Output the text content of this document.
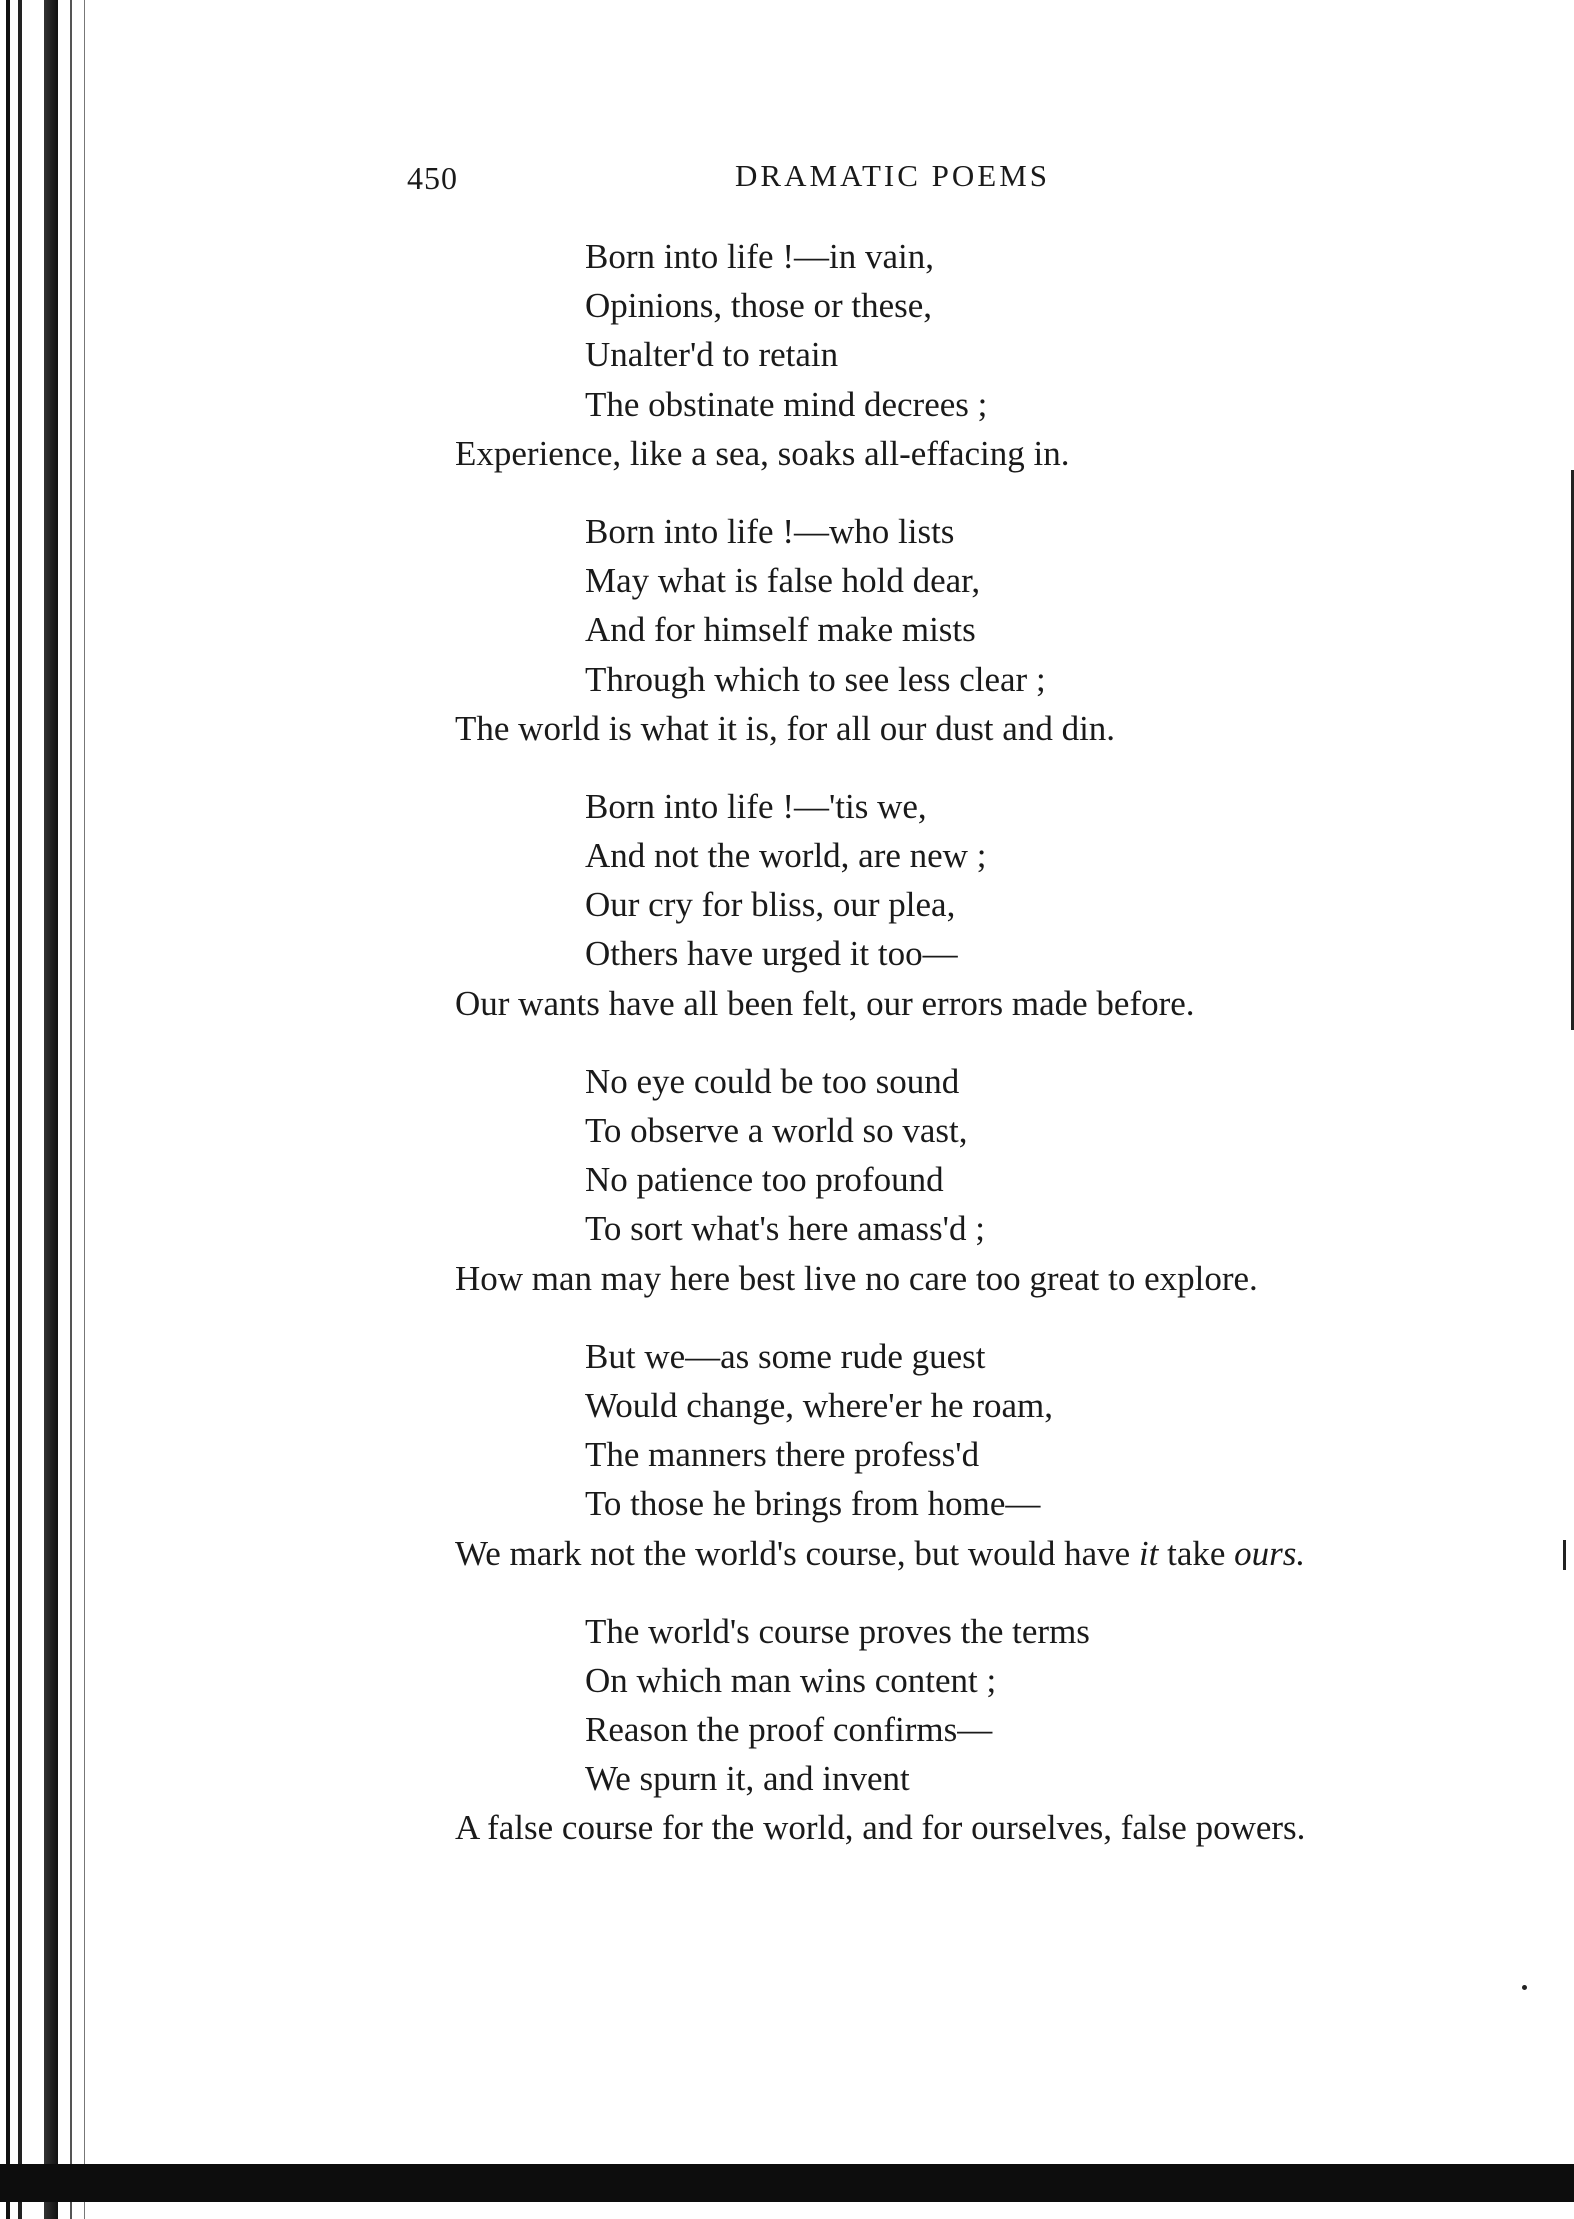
450	DRAMATIC POEMS
Born into life !—in vain,
Opinions, those or these,
Unalter'd to retain
The obstinate mind decrees ;
Experience, like a sea, soaks all-effacing in.
Born into life !—who lists
May what is false hold dear,
And for himself make mists
Through which to see less clear ;
The world is what it is, for all our dust and din.
Born into life !—'tis we,
And not the world, are new ;
Our cry for bliss, our plea,
Others have urged it too—
Our wants have all been felt, our errors made before.
No eye could be too sound
To observe a world so vast,
No patience too profound
To sort what's here amass'd ;
How man may here best live no care too great to explore.
But we—as some rude guest
Would change, where'er he roam,
The manners there profess'd
To those he brings from home—
We mark not the world's course, but would have it take ours.
The world's course proves the terms
On which man wins content ;
Reason the proof confirms—
We spurn it, and invent
A false course for the world, and for ourselves, false powers.
